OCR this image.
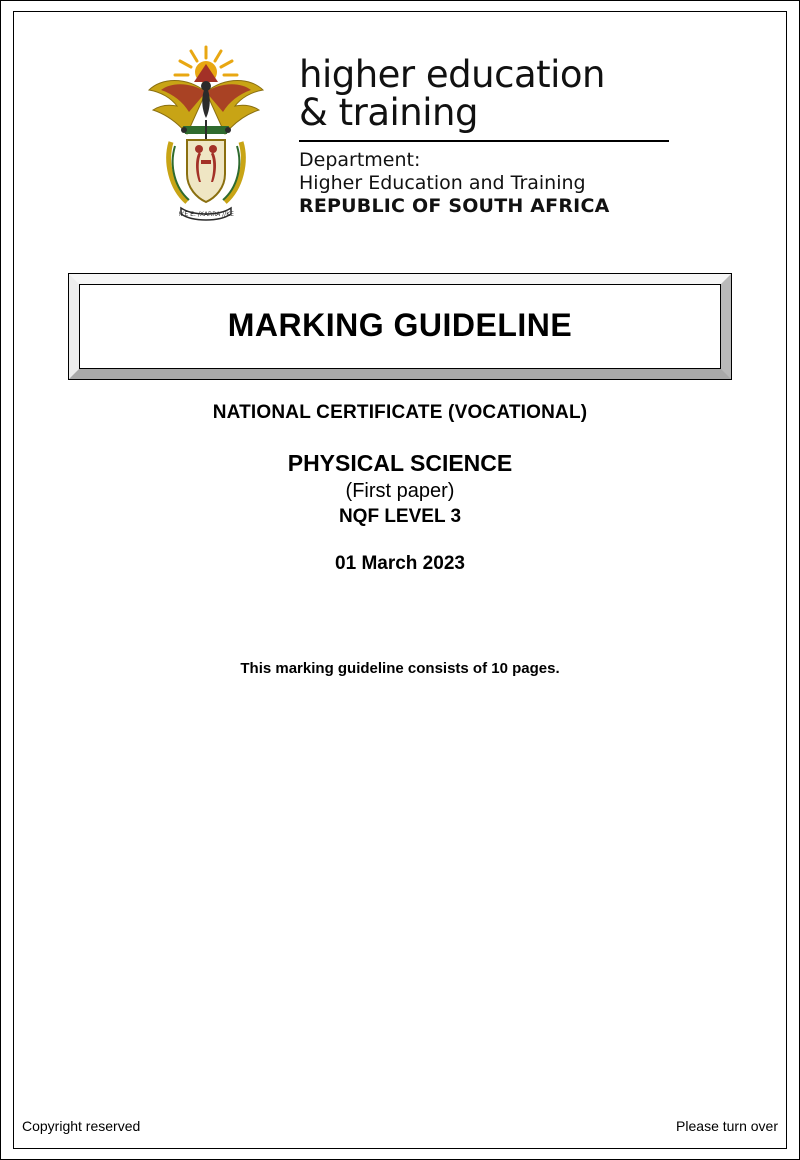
!KE E: /XARRA //KE
higher education
& training
Department:
Higher Education and Training
REPUBLIC OF SOUTH AFRICA
MARKING GUIDELINE
NATIONAL CERTIFICATE (VOCATIONAL)
PHYSICAL SCIENCE
(First paper)
NQF LEVEL 3
01 March 2023
This marking guideline consists of 10 pages.
Copyright reserved	Please turn over
